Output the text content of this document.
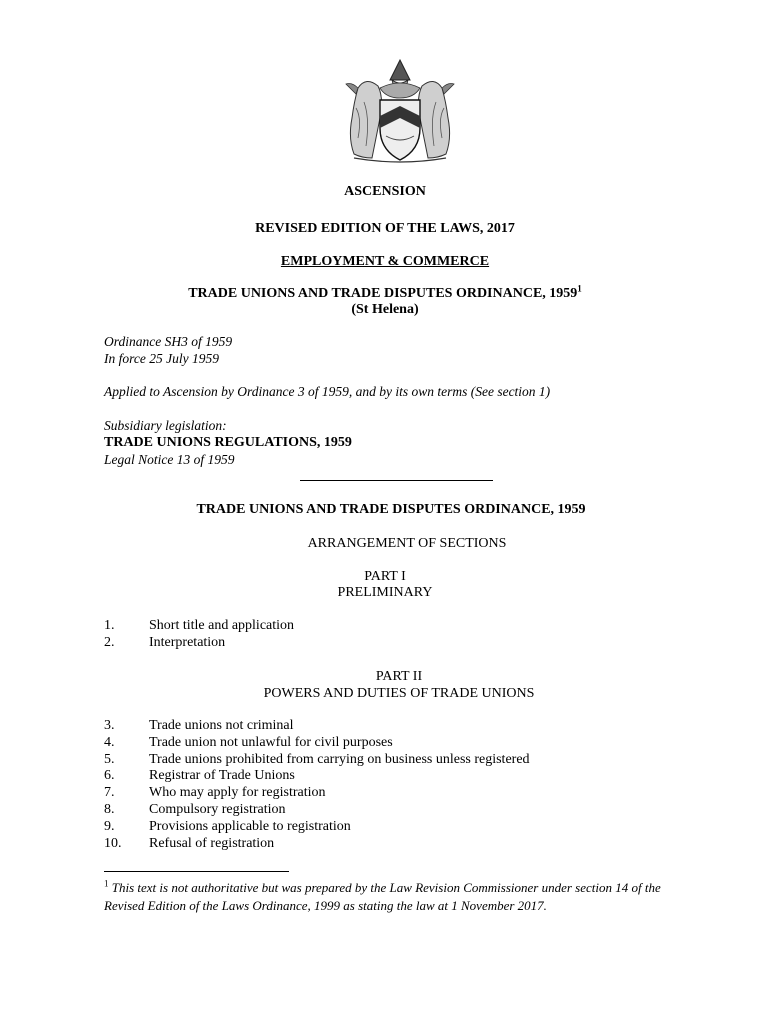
ASCENSION
REVISED EDITION OF THE LAWS, 2017
EMPLOYMENT & COMMERCE
TRADE UNIONS AND TRADE DISPUTES ORDINANCE, 1959$^1$
(St Helena)
Ordinance SH3 of 1959
In force 25 July 1959
Applied to Ascension by Ordinance 3 of 1959, and by its own terms (See section 1)
Subsidiary legislation:
TRADE UNIONS REGULATIONS, 1959
Legal Notice 13 of 1959
TRADE UNIONS AND TRADE DISPUTES ORDINANCE, 1959
ARRANGEMENT OF SECTIONS
PART I
PRELIMINARY
1.	Short title and application
2.	Interpretation
PART II
POWERS AND DUTIES OF TRADE UNIONS
3.	Trade unions not criminal
4.	Trade union not unlawful for civil purposes
5.	Trade unions prohibited from carrying on business unless registered
6.	Registrar of Trade Unions
7.	Who may apply for registration
8.	Compulsory registration
9.	Provisions applicable to registration
10.	Refusal of registration
$^1$ This text is not authoritative but was prepared by the Law Revision Commissioner under section 14 of the Revised Edition of the Laws Ordinance, 1999 as stating the law at 1 November 2017.
